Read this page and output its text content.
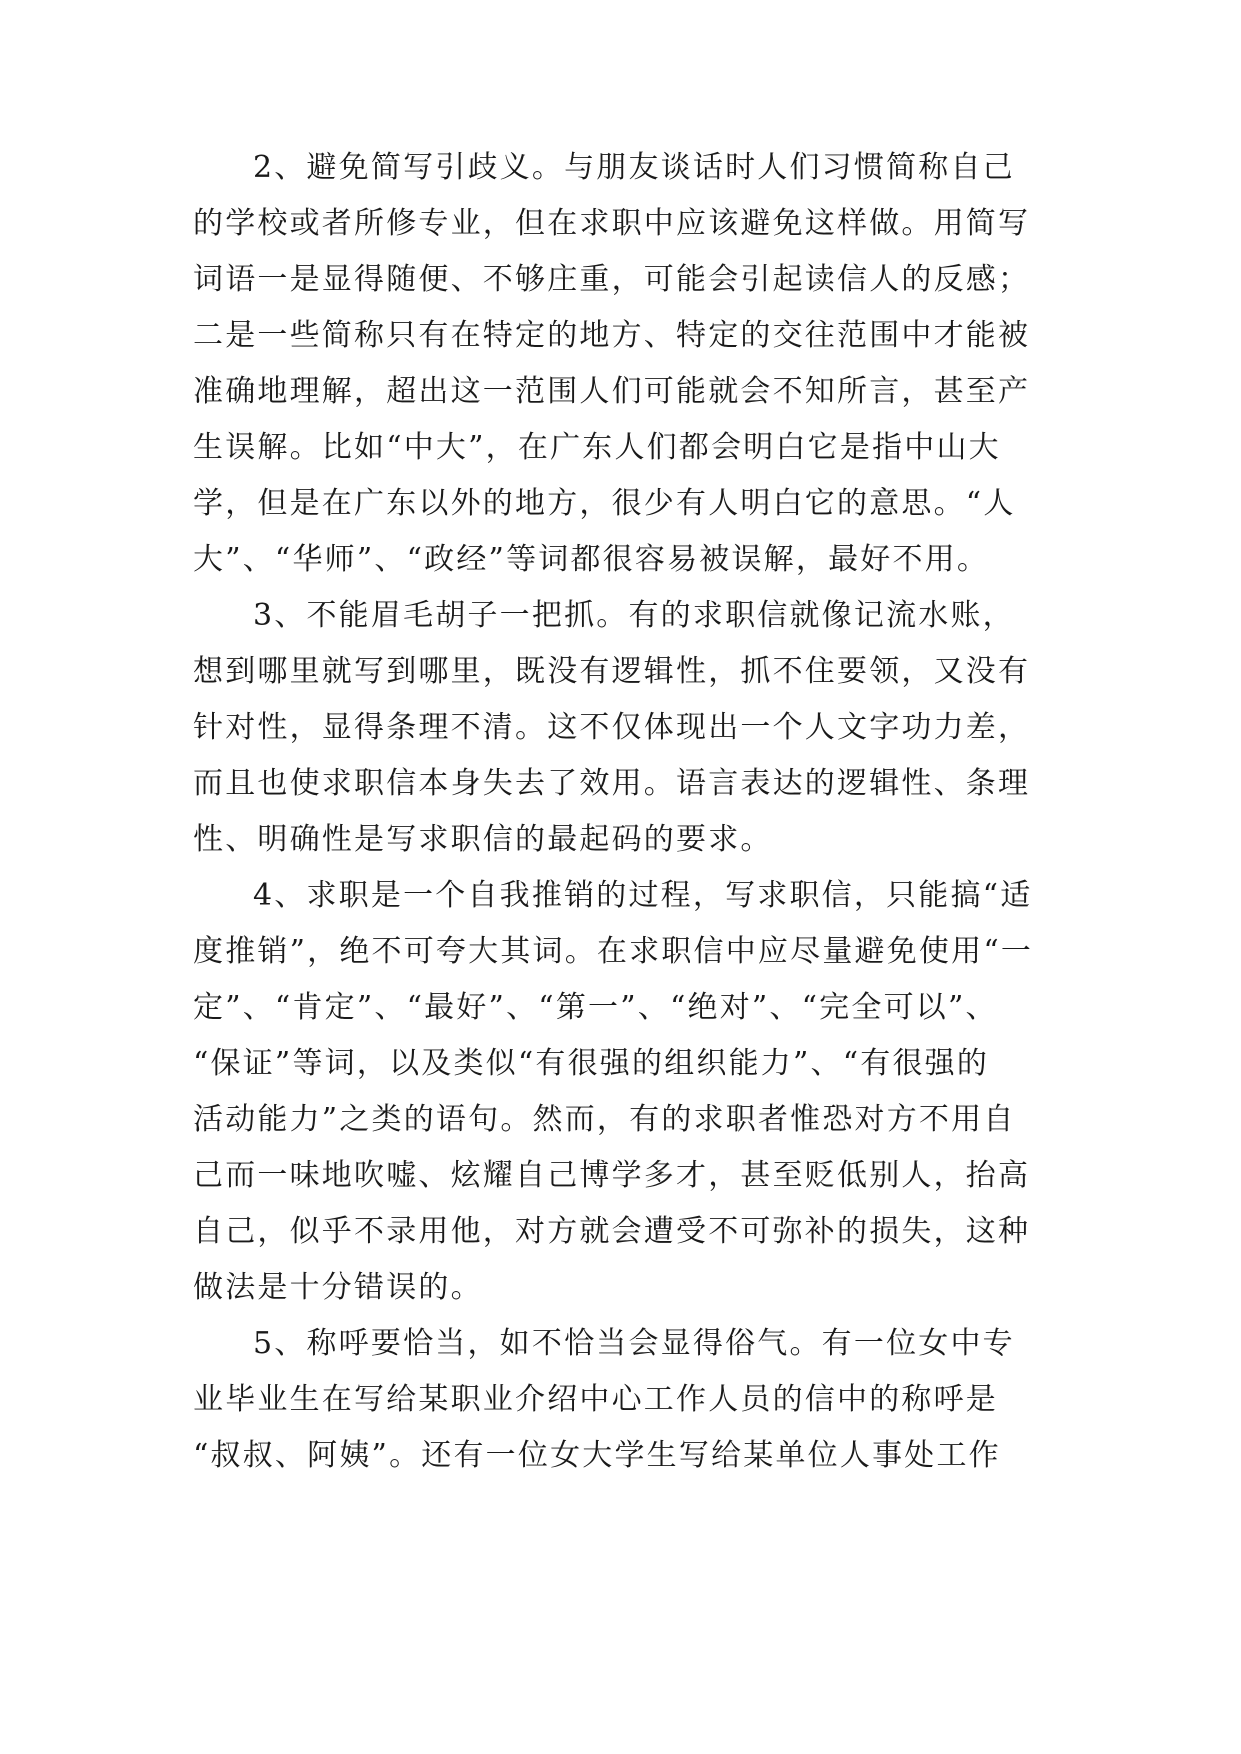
2、避免简写引歧义。与朋友谈话时人们习惯简称自己
的学校或者所修专业，但在求职中应该避免这样做。用简写
词语一是显得随便、不够庄重，可能会引起读信人的反感；
二是一些简称只有在特定的地方、特定的交往范围中才能被
准确地理解，超出这一范围人们可能就会不知所言，甚至产
生误解。比如“中大”，在广东人们都会明白它是指中山大
学，但是在广东以外的地方，很少有人明白它的意思。“人
大”、“华师”、“政经”等词都很容易被误解，最好不用。
3、不能眉毛胡子一把抓。有的求职信就像记流水账，
想到哪里就写到哪里，既没有逻辑性，抓不住要领，又没有
针对性，显得条理不清。这不仅体现出一个人文字功力差，
而且也使求职信本身失去了效用。语言表达的逻辑性、条理
性、明确性是写求职信的最起码的要求。
4、求职是一个自我推销的过程，写求职信，只能搞“适
度推销”，绝不可夸大其词。在求职信中应尽量避免使用“一
定”、“肯定”、“最好”、“第一”、“绝对”、“完全可以”、
“保证”等词，以及类似“有很强的组织能力”、“有很强的
活动能力”之类的语句。然而，有的求职者惟恐对方不用自
己而一味地吹嘘、炫耀自己博学多才，甚至贬低别人，抬高
自己，似乎不录用他，对方就会遭受不可弥补的损失，这种
做法是十分错误的。
5、称呼要恰当，如不恰当会显得俗气。有一位女中专
业毕业生在写给某职业介绍中心工作人员的信中的称呼是
“叔叔、阿姨”。还有一位女大学生写给某单位人事处工作
